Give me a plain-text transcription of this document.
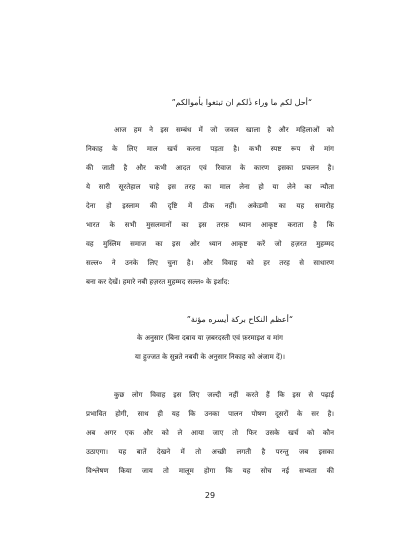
“أحل لكم ما وراء ذٰلكم ان تبتغوا بأموالكم”
आज हम ने इस सम्बंध में जो जवल खाला है और महिलाओं को
निकाह के लिए माल खर्च करना पड़ता है। कभी स्पष्ट रूप से मांग
की जाती है और कभी आदत एवं रिवाज के कारण इसका प्रचलन है।
ये सारी सूरतेहाल चाहे इस तरह का माल लेना हो या लेने का न्यौता
देना हो इस्लाम की दृष्टि में ठीक नहीं। अकेडमी का यह समारोह
भारत के सभी मुसलमानों का इस तरफ़ ध्यान आकृष्ट कराता है कि
वह मुस्लिम समाज का इस ओर ध्यान आकृष्ट करें जो हज़रत मुहम्मद
सल्ल० ने उनके लिए चुना है। और विवाह को हर तरह से साधारण
बना कर देखें। हमारे नबी हज़रत मुहम्मद सल्ल० के इर्शाद:
“أعظم النكاح بركة أيسره مؤنة”
के अनुसार (बिना दबाव या ज़बरदस्ती एवं फ़रमाइश व मांग
या हुज्जत के सुन्नते नबवी के अनुसार निकाह को अंजाम दें)।
कुछ लोग विवाह इस लिए जल्दी नहीं करते हैं कि इस से पढ़ाई
प्रभावित होगी, साथ ही यह कि उनका पालन पोषण दूसरों के सर है।
अब अगर एक और को ले आया जाए तो फिर उसके खर्च को कौन
उठाएगा। यह बातें देखने में तो अच्छी लगती है परन्तु जब इसका
विश्लेषण किया जाय तो मालूम होगा कि यह सोच नई सभ्यता की
29
